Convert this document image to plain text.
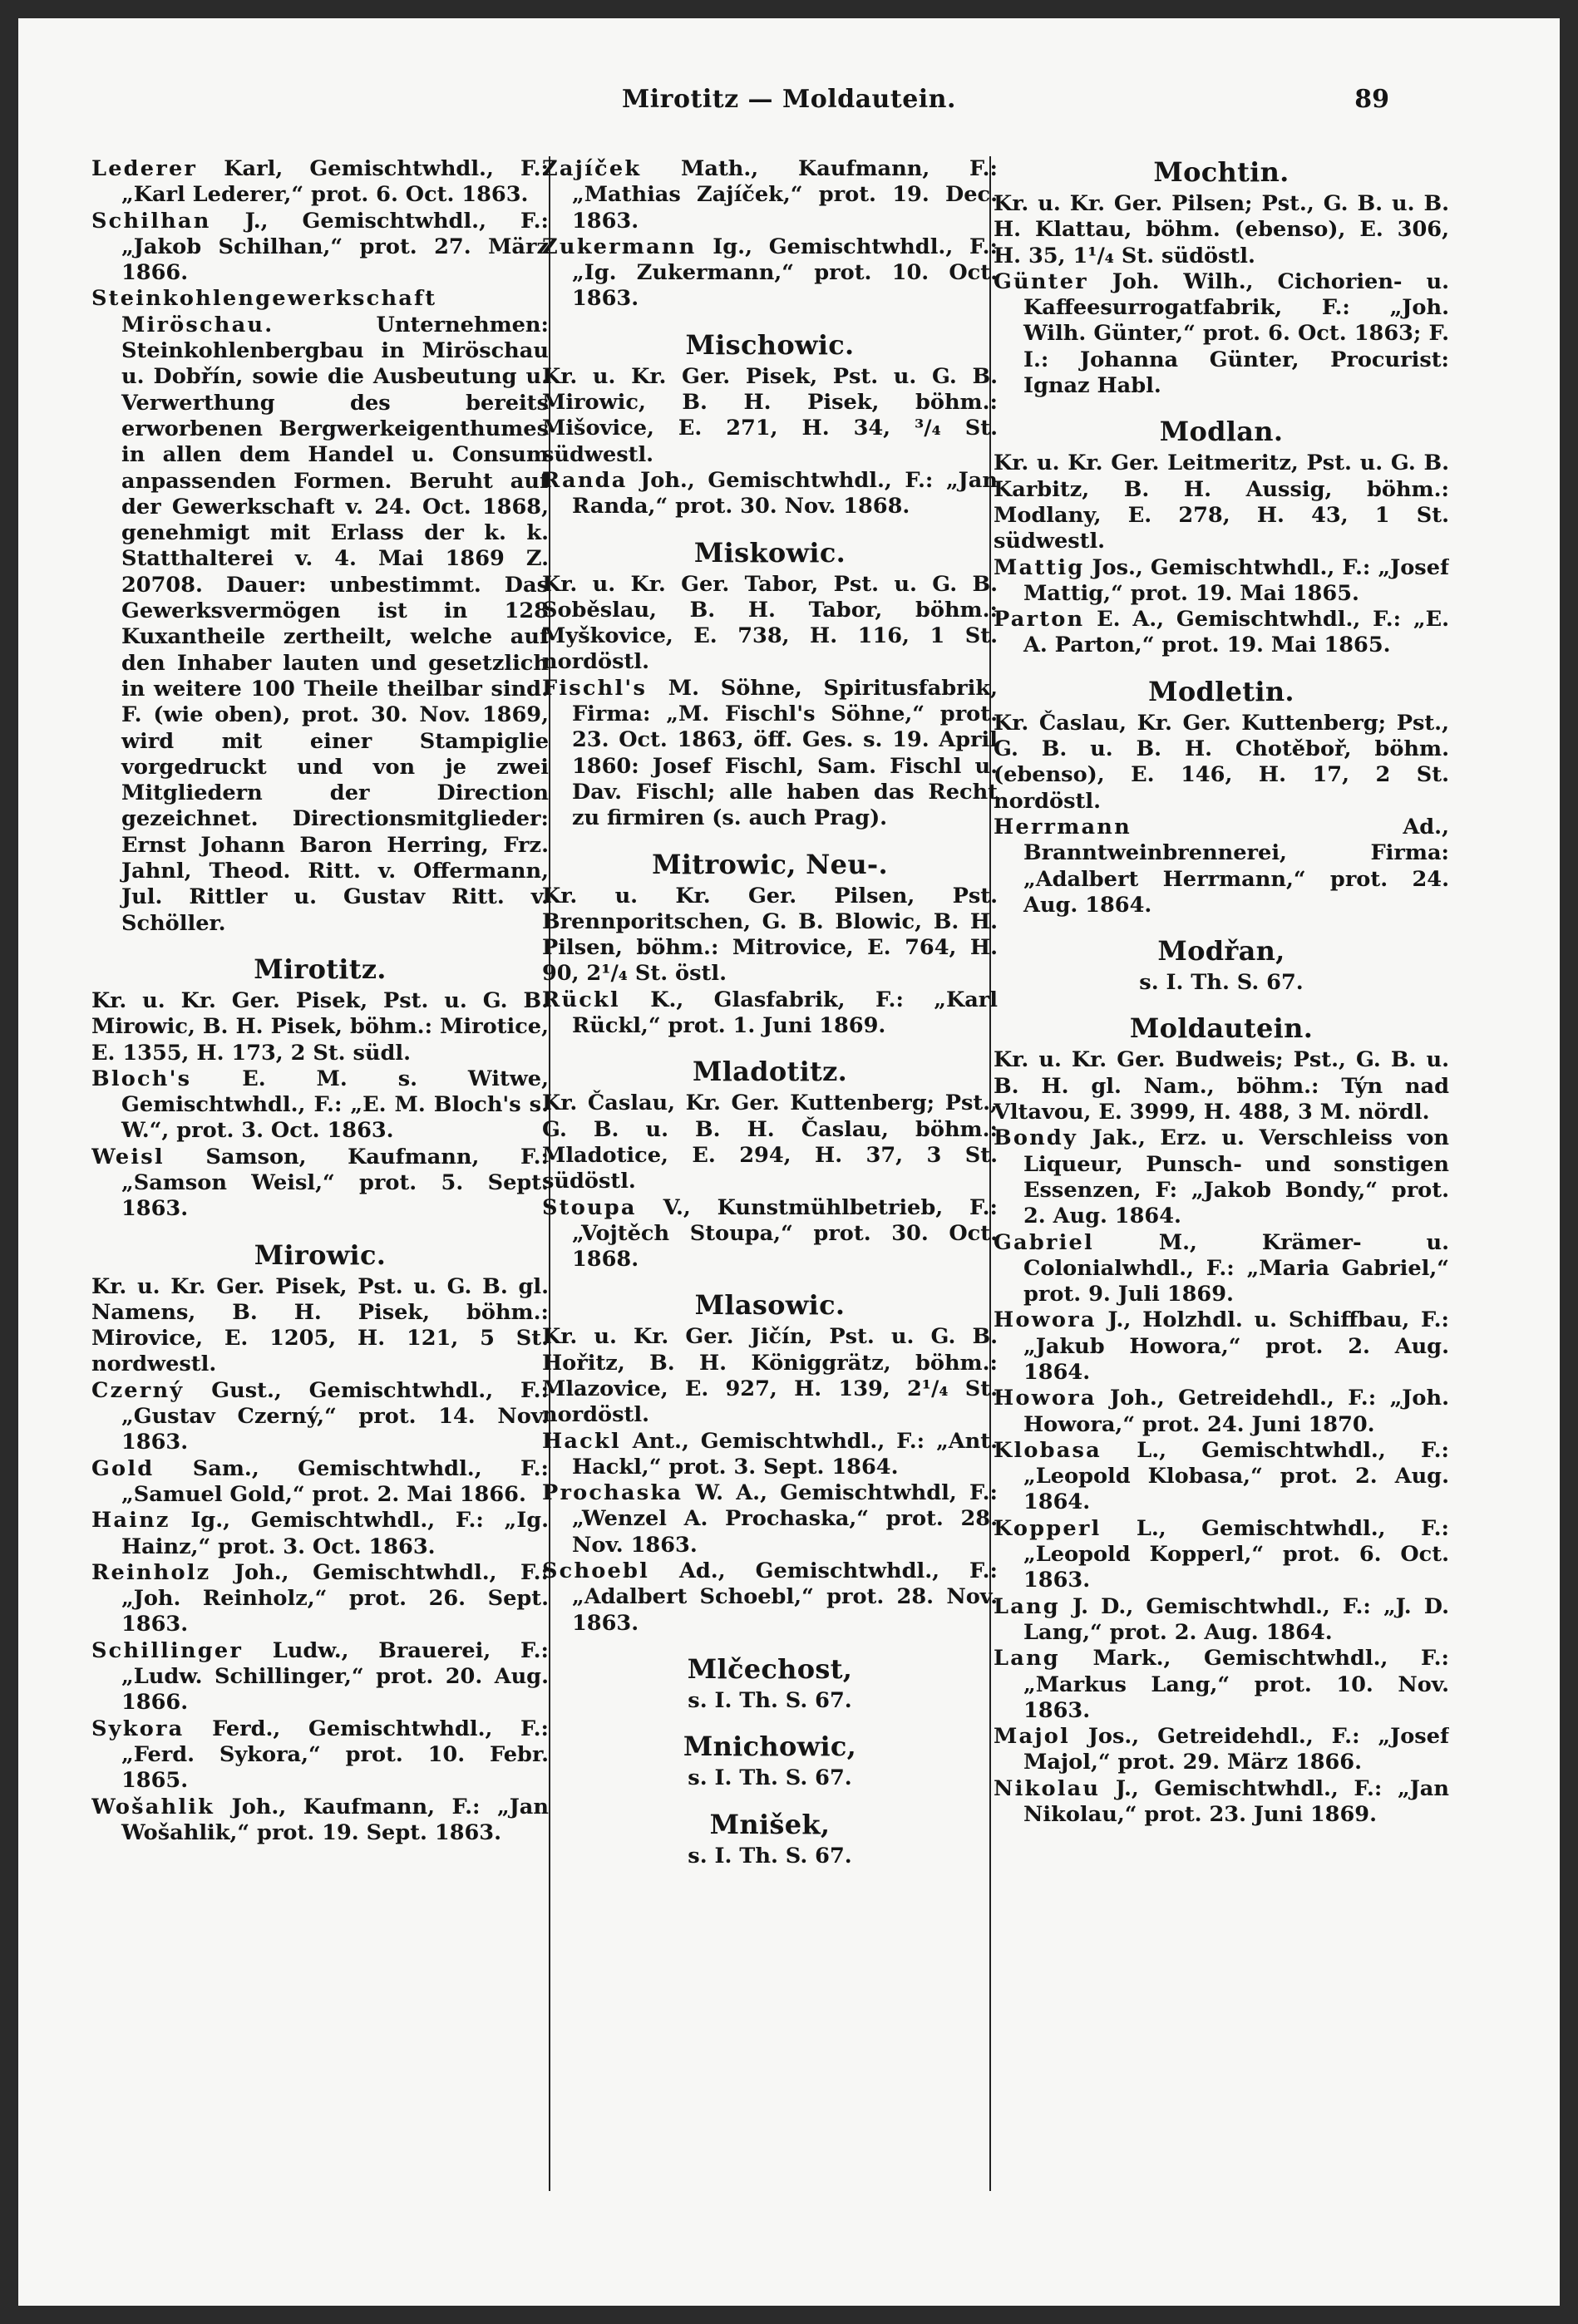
Mirotitz — Moldautein.	89

Lederer Karl, Gemischtwhdl., F.: „Karl Lederer,“ prot. 6. Oct. 1863.

Schilhan J., Gemischtwhdl., F.: „Jakob Schilhan,“ prot. 27. März 1866.

Steinkohlengewerkschaft Miröschau. Unternehmen: Steinkohlenbergbau in Miröschau u. Dobřín, sowie die Ausbeutung u. Verwerthung des bereits erworbenen Bergwerkeigenthumes in allen dem Handel u. Consum anpassenden Formen. Beruht auf der Gewerkschaft v. 24. Oct. 1868, genehmigt mit Erlass der k. k. Statthalterei v. 4. Mai 1869 Z. 20708. Dauer: unbestimmt. Das Gewerksvermögen ist in 128 Kuxantheile zertheilt, welche auf den Inhaber lauten und gesetzlich in weitere 100 Theile theilbar sind. F. (wie oben), prot. 30. Nov. 1869, wird mit einer Stampiglie vorgedruckt und von je zwei Mitgliedern der Direction gezeichnet. Directionsmitglieder: Ernst Johann Baron Herring, Frz. Jahnl, Theod. Ritt. v. Offermann, Jul. Rittler u. Gustav Ritt. v. Schöller.

Mirotitz.

Kr. u. Kr. Ger. Pisek, Pst. u. G. B. Mirowic, B. H. Pisek, böhm.: Mirotice, E. 1355, H. 173, 2 St. südl.

Bloch's E. M. s. Witwe, Gemischtwhdl., F.: „E. M. Bloch's s. W.“, prot. 3. Oct. 1863.

Weisl Samson, Kaufmann, F.: „Samson Weisl,“ prot. 5. Sept. 1863.

Mirowic.

Kr. u. Kr. Ger. Pisek, Pst. u. G. B. gl. Namens, B. H. Pisek, böhm.: Mirovice, E. 1205, H. 121, 5 St. nordwestl.

Czerný Gust., Gemischtwhdl., F.: „Gustav Czerný,“ prot. 14. Nov. 1863.

Gold Sam., Gemischtwhdl., F.: „Samuel Gold,“ prot. 2. Mai 1866.

Hainz Ig., Gemischtwhdl., F.: „Ig. Hainz,“ prot. 3. Oct. 1863.

Reinholz Joh., Gemischtwhdl., F.: „Joh. Reinholz,“ prot. 26. Sept. 1863.

Schillinger Ludw., Brauerei, F.: „Ludw. Schillinger,“ prot. 20. Aug. 1866.

Sykora Ferd., Gemischtwhdl., F.: „Ferd. Sykora,“ prot. 10. Febr. 1865.

Wošahlik Joh., Kaufmann, F.: „Jan Wošahlik,“ prot. 19. Sept. 1863.

Zajíček Math., Kaufmann, F.: „Mathias Zajíček,“ prot. 19. Dec. 1863.

Zukermann Ig., Gemischtwhdl., F.: „Ig. Zukermann,“ prot. 10. Oct. 1863.

Mischowic.

Kr. u. Kr. Ger. Pisek, Pst. u. G. B. Mirowic, B. H. Pisek, böhm.: Mišovice, E. 271, H. 34, ³/₄ St. südwestl.

Randa Joh., Gemischtwhdl., F.: „Jan Randa,“ prot. 30. Nov. 1868.

Miskowic.

Kr. u. Kr. Ger. Tabor, Pst. u. G. B. Soběslau, B. H. Tabor, böhm.: Myškovice, E. 738, H. 116, 1 St. nordöstl.

Fischl's M. Söhne, Spiritusfabrik, Firma: „M. Fischl's Söhne,“ prot. 23. Oct. 1863, öff. Ges. s. 19. April 1860: Josef Fischl, Sam. Fischl u. Dav. Fischl; alle haben das Recht zu firmiren (s. auch Prag).

Mitrowic, Neu-.

Kr. u. Kr. Ger. Pilsen, Pst. Brennporitschen, G. B. Blowic, B. H. Pilsen, böhm.: Mitrovice, E. 764, H. 90, 2¹/₄ St. östl.

Rückl K., Glasfabrik, F.: „Karl Rückl,“ prot. 1. Juni 1869.

Mladotitz.

Kr. Časlau, Kr. Ger. Kuttenberg; Pst., G. B. u. B. H. Časlau, böhm.: Mladotice, E. 294, H. 37, 3 St. südöstl.

Stoupa V., Kunstmühlbetrieb, F.: „Vojtěch Stoupa,“ prot. 30. Oct. 1868.

Mlasowic.

Kr. u. Kr. Ger. Jičín, Pst. u. G. B. Hořitz, B. H. Königgrätz, böhm.: Mlazovice, E. 927, H. 139, 2¹/₄ St. nordöstl.

Hackl Ant., Gemischtwhdl., F.: „Ant. Hackl,“ prot. 3. Sept. 1864.

Prochaska W. A., Gemischtwhdl, F.: „Wenzel A. Prochaska,“ prot. 28. Nov. 1863.

Schoebl Ad., Gemischtwhdl., F.: „Adalbert Schoebl,“ prot. 28. Nov. 1863.

Mlčechost,
s. I. Th. S. 67.
Mnichowic,
s. I. Th. S. 67.
Mnišek,
s. I. Th. S. 67.
Mochtin.

Kr. u. Kr. Ger. Pilsen; Pst., G. B. u. B. H. Klattau, böhm. (ebenso), E. 306, H. 35, 1¹/₄ St. südöstl.

Günter Joh. Wilh., Cichorien- u. Kaffeesurrogatfabrik, F.: „Joh. Wilh. Günter,“ prot. 6. Oct. 1863; F. I.: Johanna Günter, Procurist: Ignaz Habl.

Modlan.

Kr. u. Kr. Ger. Leitmeritz, Pst. u. G. B. Karbitz, B. H. Aussig, böhm.: Modlany, E. 278, H. 43, 1 St. südwestl.

Mattig Jos., Gemischtwhdl., F.: „Josef Mattig,“ prot. 19. Mai 1865.

Parton E. A., Gemischtwhdl., F.: „E. A. Parton,“ prot. 19. Mai 1865.

Modletin.

Kr. Časlau, Kr. Ger. Kuttenberg; Pst., G. B. u. B. H. Chotěboř, böhm. (ebenso), E. 146, H. 17, 2 St. nordöstl.

Herrmann Ad., Branntweinbrennerei, Firma: „Adalbert Herrmann,“ prot. 24. Aug. 1864.

Modřan,
s. I. Th. S. 67.
Moldautein.

Kr. u. Kr. Ger. Budweis; Pst., G. B. u. B. H. gl. Nam., böhm.: Týn nad Vltavou, E. 3999, H. 488, 3 M. nördl.

Bondy Jak., Erz. u. Verschleiss von Liqueur, Punsch- und sonstigen Essenzen, F: „Jakob Bondy,“ prot. 2. Aug. 1864.

Gabriel M., Krämer- u. Colonialwhdl., F.: „Maria Gabriel,“ prot. 9. Juli 1869.

Howora J., Holzhdl. u. Schiffbau, F.: „Jakub Howora,“ prot. 2. Aug. 1864.

Howora Joh., Getreidehdl., F.: „Joh. Howora,“ prot. 24. Juni 1870.

Klobasa L., Gemischtwhdl., F.: „Leopold Klobasa,“ prot. 2. Aug. 1864.

Kopperl L., Gemischtwhdl., F.: „Leopold Kopperl,“ prot. 6. Oct. 1863.

Lang J. D., Gemischtwhdl., F.: „J. D. Lang,“ prot. 2. Aug. 1864.

Lang Mark., Gemischtwhdl., F.: „Markus Lang,“ prot. 10. Nov. 1863.

Majol Jos., Getreidehdl., F.: „Josef Majol,“ prot. 29. März 1866.

Nikolau J., Gemischtwhdl., F.: „Jan Nikolau,“ prot. 23. Juni 1869.
